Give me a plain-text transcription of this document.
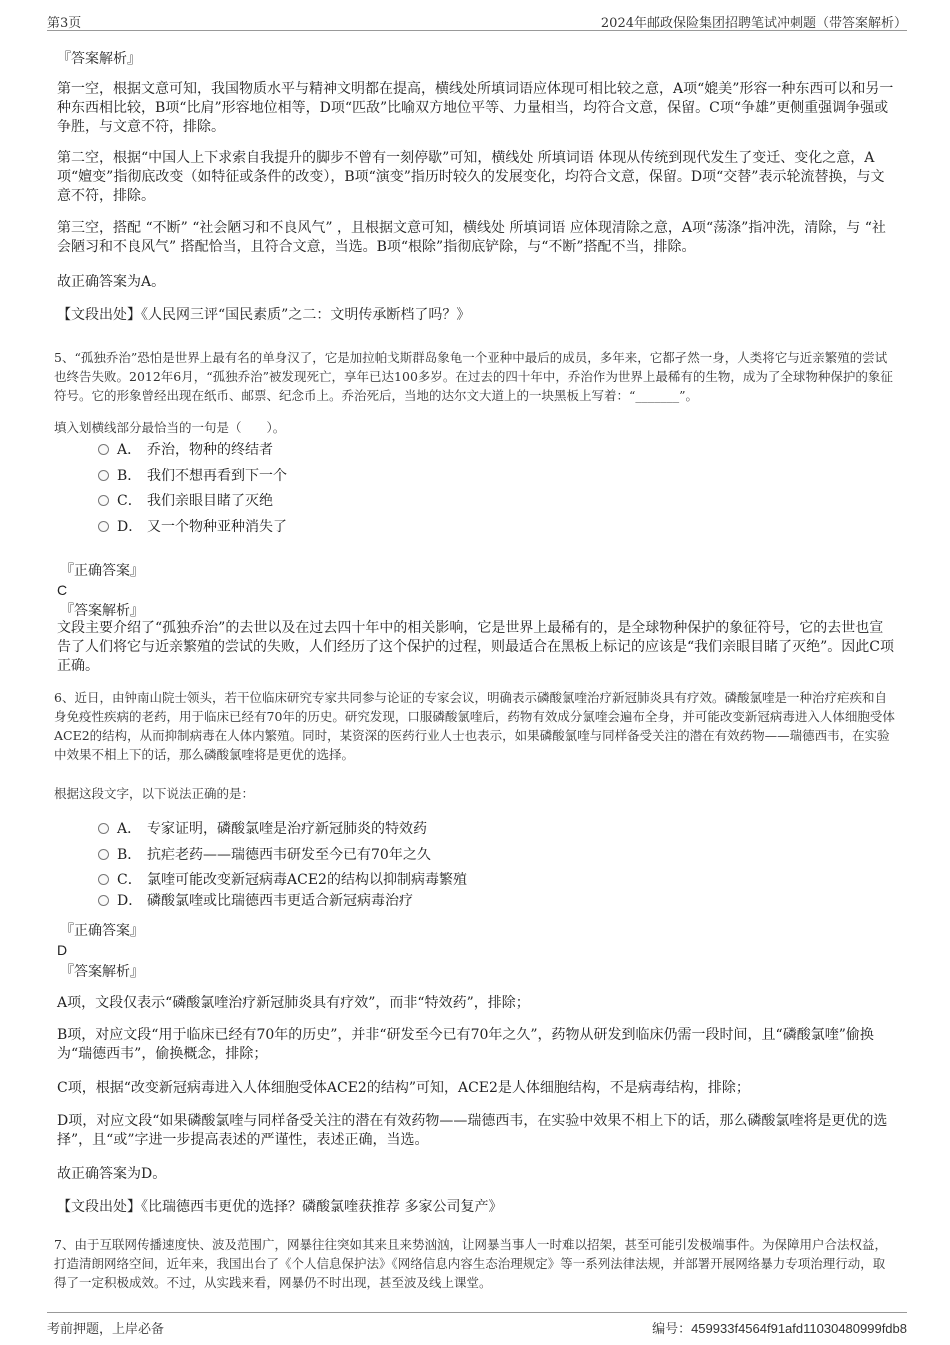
第3页	2024年邮政保险集团招聘笔试冲刺题（带答案解析）
『答案解析』

第一空，根据文意可知，我国物质水平与精神文明都在提高，横线处所填词语应体现可相比较之意，A项“媲美”形容一种东西可以和另一种东西相比较，B项“比肩”形容地位相等，D项“匹敌”比喻双方地位平等、力量相当，均符合文意，保留。C项“争雄”更侧重强调争强或争胜，与文意不符，排除。

第二空，根据“中国人上下求索自我提升的脚步不曾有一刻停歇”可知，横线处 所填词语 体现从传统到现代发生了变迁、变化之意，A项“嬗变”指彻底改变（如特征或条件的改变），B项“演变”指历时较久的发展变化，均符合文意，保留。D项“交替”表示轮流替换，与文意不符，排除。

第三空，搭配 “不断” “社会陋习和不良风气” ，且根据文意可知，横线处 所填词语 应体现清除之意，A项“荡涤”指冲洗，清除，与 “社会陋习和不良风气” 搭配恰当，且符合文意，当选。B项“根除”指彻底铲除，与“不断”搭配不当，排除。

故正确答案为A。

【文段出处】《人民网三评“国民素质”之二：文明传承断档了吗？》

5、“孤独乔治”恐怕是世界上最有名的单身汉了，它是加拉帕戈斯群岛象龟一个亚种中最后的成员，多年来，它都孑然一身，人类将它与近亲繁殖的尝试也终告失败。2012年6月，“孤独乔治”被发现死亡，享年已达100多岁。在过去的四十年中，乔治作为世界上最稀有的生物，成为了全球物种保护的象征符号。它的形象曾经出现在纸币、邮票、纪念币上。乔治死后，当地的达尔文大道上的一块黑板上写着：“_______”。

填入划横线部分最恰当的一句是（　　）。

A． 乔治，物种的终结者
B． 我们不想再看到下一个
C． 我们亲眼目睹了灭绝
D． 又一个物种亚种消失了
『正确答案』
C
『答案解析』

文段主要介绍了“孤独乔治”的去世以及在过去四十年中的相关影响，它是世界上最稀有的，是全球物种保护的象征符号，它的去世也宣告了人们将它与近亲繁殖的尝试的失败，人们经历了这个保护的过程，则最适合在黑板上标记的应该是“我们亲眼目睹了灭绝”。因此C项正确。

6、近日，由钟南山院士领头，若干位临床研究专家共同参与论证的专家会议，明确表示磷酸氯喹治疗新冠肺炎具有疗效。磷酸氯喹是一种治疗疟疾和自身免疫性疾病的老药，用于临床已经有70年的历史。研究发现，口服磷酸氯喹后，药物有效成分氯喹会遍布全身，并可能改变新冠病毒进入人体细胞受体ACE2的结构，从而抑制病毒在人体内繁殖。同时，某资深的医药行业人士也表示，如果磷酸氯喹与同样备受关注的潜在有效药物——瑞德西韦，在实验中效果不相上下的话，那么磷酸氯喹将是更优的选择。

根据这段文字，以下说法正确的是：

A． 专家证明，磷酸氯喹是治疗新冠肺炎的特效药
B． 抗疟老药——瑞德西韦研发至今已有70年之久
C． 氯喹可能改变新冠病毒ACE2的结构以抑制病毒繁殖
D． 磷酸氯喹或比瑞德西韦更适合新冠病毒治疗
『正确答案』
D
『答案解析』

A项，文段仅表示“磷酸氯喹治疗新冠肺炎具有疗效”，而非“特效药”，排除；

B项，对应文段“用于临床已经有70年的历史”，并非“研发至今已有70年之久”，药物从研发到临床仍需一段时间，且“磷酸氯喹”偷换为“瑞德西韦”，偷换概念，排除；

C项，根据“改变新冠病毒进入人体细胞受体ACE2的结构”可知，ACE2是人体细胞结构，不是病毒结构，排除；

D项，对应文段“如果磷酸氯喹与同样备受关注的潜在有效药物——瑞德西韦，在实验中效果不相上下的话，那么磷酸氯喹将是更优的选择”，且“或”字进一步提高表述的严谨性，表述正确，当选。

故正确答案为D。

【文段出处】《比瑞德西韦更优的选择？磷酸氯喹获推荐 多家公司复产》

7、由于互联网传播速度快、波及范围广，网暴往往突如其来且来势汹汹，让网暴当事人一时难以招架，甚至可能引发极端事件。为保障用户合法权益，打造清朗网络空间，近年来，我国出台了《个人信息保护法》《网络信息内容生态治理规定》等一系列法律法规，并部署开展网络暴力专项治理行动，取得了一定积极成效。不过，从实践来看，网暴仍不时出现，甚至波及线上课堂。

考前押题，上岸必备	编号：459933f4564f91afd11030480999fdb8
